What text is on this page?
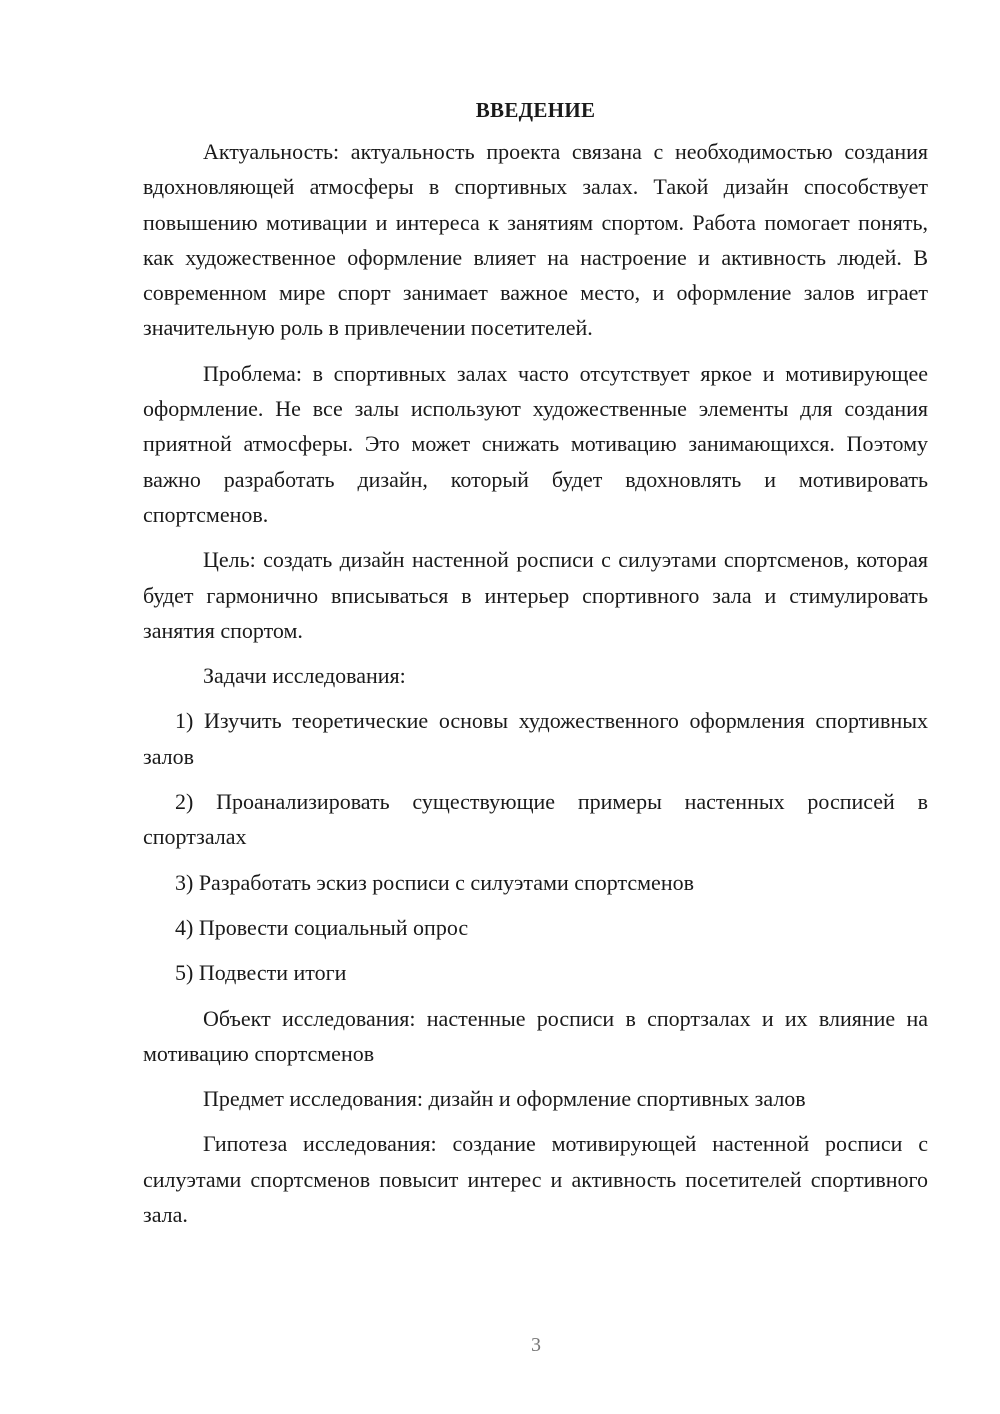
ВВЕДЕНИЕ

Актуальность: актуальность проекта связана с необходимостью создания вдохновляющей атмосферы в спортивных залах. Такой дизайн способствует повышению мотивации и интереса к занятиям спортом. Работа помогает понять, как художественное оформление влияет на настроение и активность людей. В современном мире спорт занимает важное место, и оформление залов играет значительную роль в привлечении посетителей.

Проблема: в спортивных залах часто отсутствует яркое и мотивирующее оформление. Не все залы используют художественные элементы для создания приятной атмосферы. Это может снижать мотивацию занимающихся. Поэтому важно разработать дизайн, который будет вдохновлять и мотивировать спортсменов.

Цель: создать дизайн настенной росписи с силуэтами спортсменов, которая будет гармонично вписываться в интерьер спортивного зала и стимулировать занятия спортом.

Задачи исследования:

1) Изучить теоретические основы художественного оформления спортивных залов

2) Проанализировать существующие примеры настенных росписей в спортзалах

3) Разработать эскиз росписи с силуэтами спортсменов

4) Провести социальный опрос

5) Подвести итоги

Объект исследования: настенные росписи в спортзалах и их влияние на мотивацию спортсменов

Предмет исследования: дизайн и оформление спортивных залов

Гипотеза исследования: создание мотивирующей настенной росписи с силуэтами спортсменов повысит интерес и активность посетителей спортивного зала.

3
